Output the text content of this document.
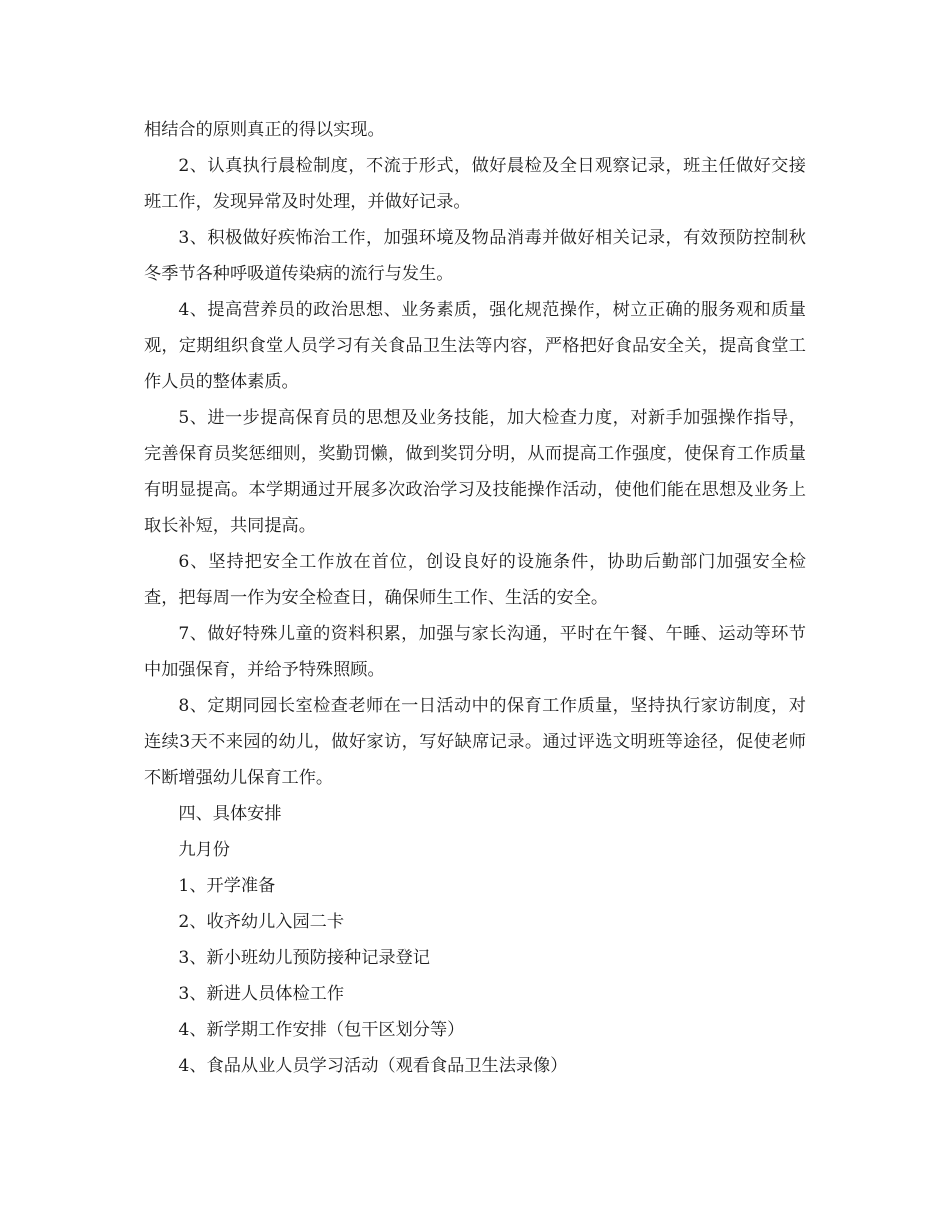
相结合的原则真正的得以实现。

2、认真执行晨检制度，不流于形式，做好晨检及全日观察记录，班主任做好交接班工作，发现异常及时处理，并做好记录。

3、积极做好疾怖治工作，加强环境及物品消毒并做好相关记录，有效预防控制秋冬季节各种呼吸道传染病的流行与发生。

4、提高营养员的政治思想、业务素质，强化规范操作，树立正确的服务观和质量观，定期组织食堂人员学习有关食品卫生法等内容，严格把好食品安全关，提高食堂工作人员的整体素质。

5、进一步提高保育员的思想及业务技能，加大检查力度，对新手加强操作指导，完善保育员奖惩细则，奖勤罚懒，做到奖罚分明，从而提高工作强度，使保育工作质量有明显提高。本学期通过开展多次政治学习及技能操作活动，使他们能在思想及业务上取长补短，共同提高。

6、坚持把安全工作放在首位，创设良好的设施条件，协助后勤部门加强安全检查，把每周一作为安全检查日，确保师生工作、生活的安全。

7、做好特殊儿童的资料积累，加强与家长沟通，平时在午餐、午睡、运动等环节中加强保育，并给予特殊照顾。

8、定期同园长室检查老师在一日活动中的保育工作质量，坚持执行家访制度，对连续3天不来园的幼儿，做好家访，写好缺席记录。通过评选文明班等途径，促使老师不断增强幼儿保育工作。

四、具体安排

九月份

1、开学准备

2、收齐幼儿入园二卡

3、新小班幼儿预防接种记录登记

3、新进人员体检工作

4、新学期工作安排（包干区划分等）

4、食品从业人员学习活动（观看食品卫生法录像）
